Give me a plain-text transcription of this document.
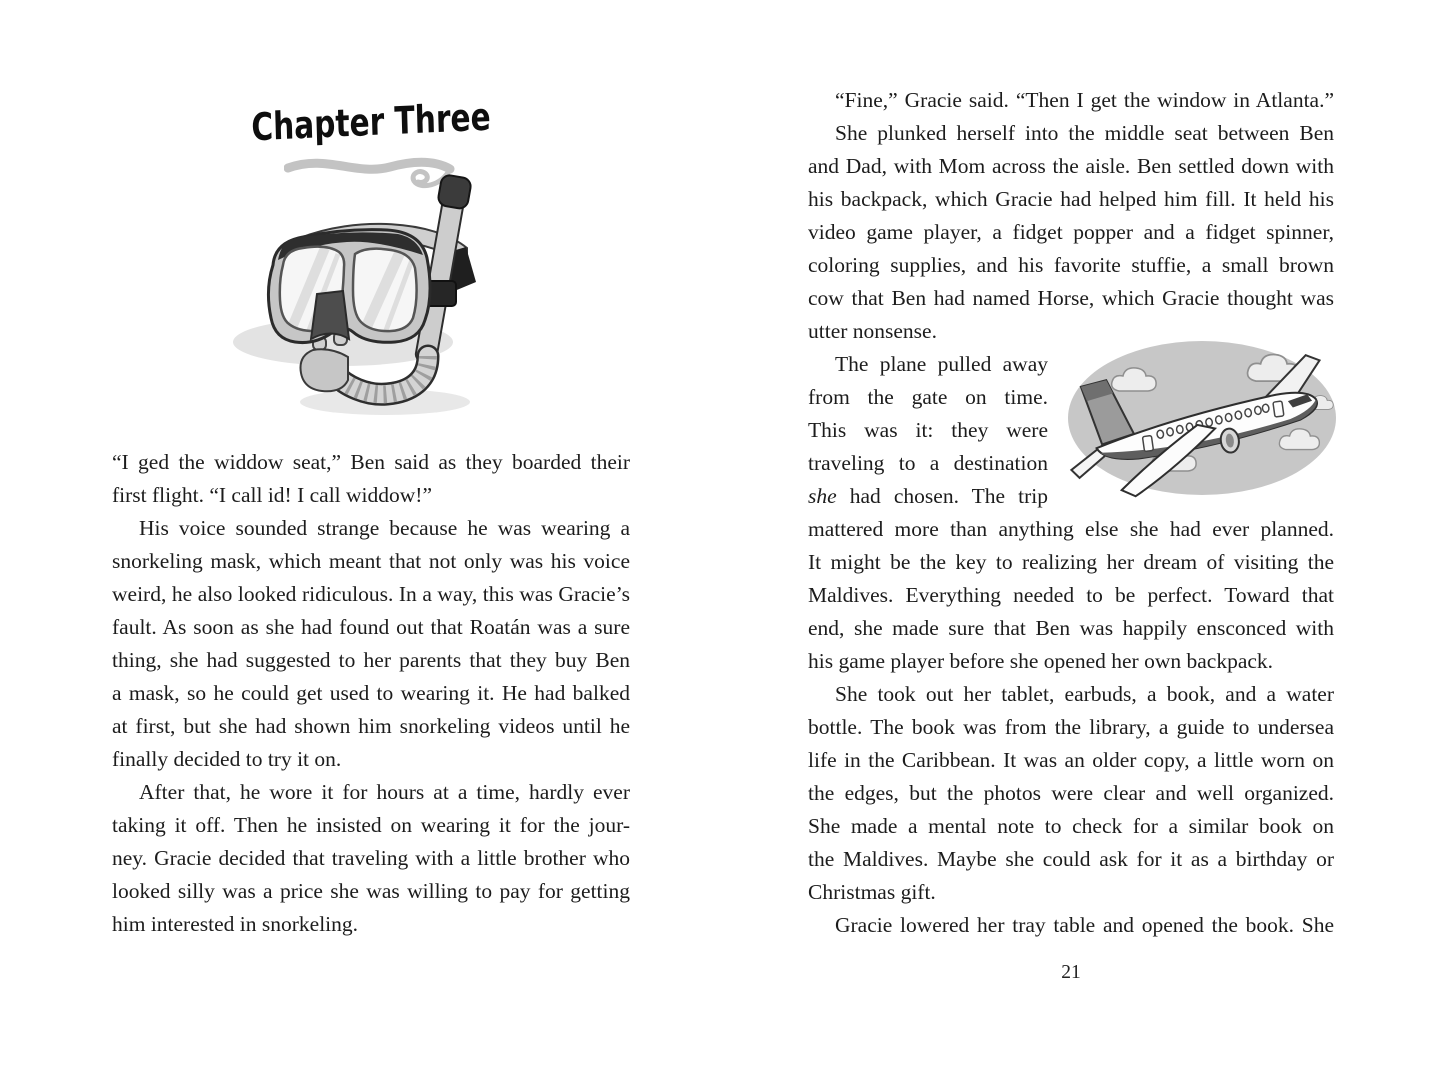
Chapter Three
“I ged the widdow seat,” Ben said as they boarded their
first flight. “I call id! I call widdow!”
His voice sounded strange because he was wearing a
snorkeling mask, which meant that not only was his voice
weird, he also looked ridiculous. In a way, this was Gracie’s
fault. As soon as she had found out that Roatán was a sure
thing, she had suggested to her parents that they buy Ben
a mask, so he could get used to wearing it. He had balked
at first, but she had shown him snorkeling videos until he
finally decided to try it on.
After that, he wore it for hours at a time, hardly ever
taking it off. Then he insisted on wearing it for the jour-
ney. Gracie decided that traveling with a little brother who
looked silly was a price she was willing to pay for getting
him interested in snorkeling.
“Fine,” Gracie said. “Then I get the window in Atlanta.”
She plunked herself into the middle seat between Ben
and Dad, with Mom across the aisle. Ben settled down with
his backpack, which Gracie had helped him fill. It held his
video game player, a fidget popper and a fidget spinner,
coloring supplies, and his favorite stuffie, a small brown
cow that Ben had named Horse, which Gracie thought was
utter nonsense.
The plane pulled away
from the gate on time.
This was it: they were
traveling to a destination
she had chosen. The trip
mattered more than anything else she had ever planned.
It might be the key to realizing her dream of visiting the
Maldives. Everything needed to be perfect. Toward that
end, she made sure that Ben was happily ensconced with
his game player before she opened her own backpack.
She took out her tablet, earbuds, a book, and a water
bottle. The book was from the library, a guide to undersea
life in the Caribbean. It was an older copy, a little worn on
the edges, but the photos were clear and well organized.
She made a mental note to check for a similar book on
the Maldives. Maybe she could ask for it as a birthday or
Christmas gift.
Gracie lowered her tray table and opened the book. She
21
